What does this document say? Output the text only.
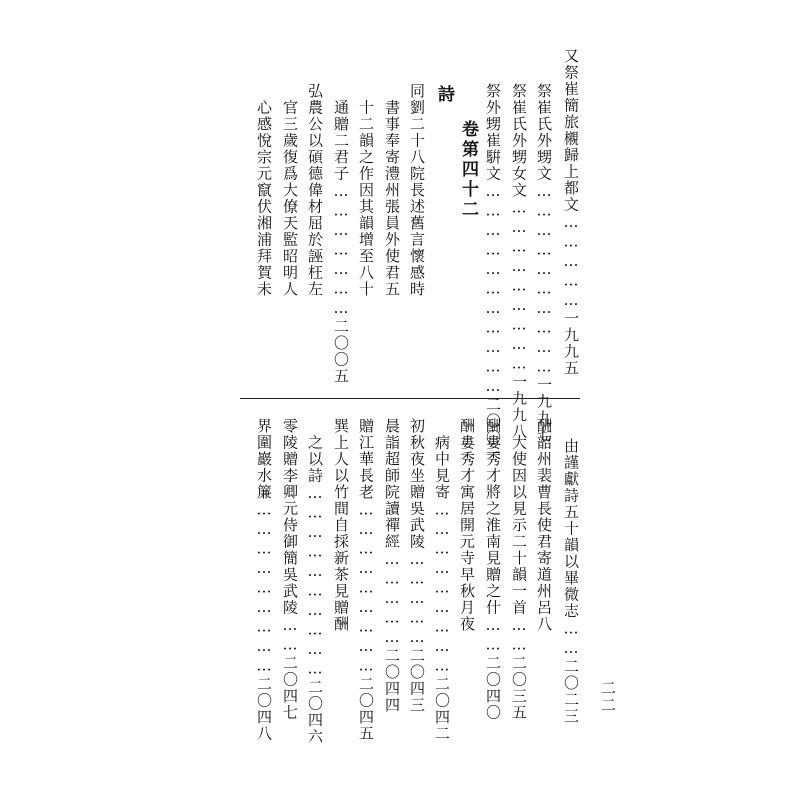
又祭崔簡旅櫬歸上都文……………一九九五
祭崔氏外甥文…………………………一九九七
祭崔氏外甥女文………………………一九九八
祭外甥崔騈文……………………………二〇〇一
卷第四十二
詩
同劉二十八院長述舊言懷感時
　書事奉寄澧州張員外使君五
　十二韻之作因其韻增至八十
　通贈二君子…………………二〇〇五
弘農公以碩德偉材屈於誣枉左
　官三歲復爲大僚天監昭明人
　心感悅宗元竄伏湘浦拜賀未
由謹獻詩五十韻以畢微志……二〇二三
酬韶州裴曹長使君寄道州呂八
　大使因以見示二十韻一首……二〇三五
酬婁秀才將之淮南見贈之什……二〇四〇
酬婁秀才寓居開元寺早秋月夜
　病中見寄………………………二〇四二
初秋夜坐贈吳武陵……………二〇四三
晨詣超師院讀禪經……………二〇四四
贈江華長老………………………二〇四五
巽上人以竹間自採新茶見贈酬
　之以詩…………………………二〇四六
零陵贈李卿元侍御簡吳武陵……二〇四七
界圍巖水簾………………………二〇四八	二二
